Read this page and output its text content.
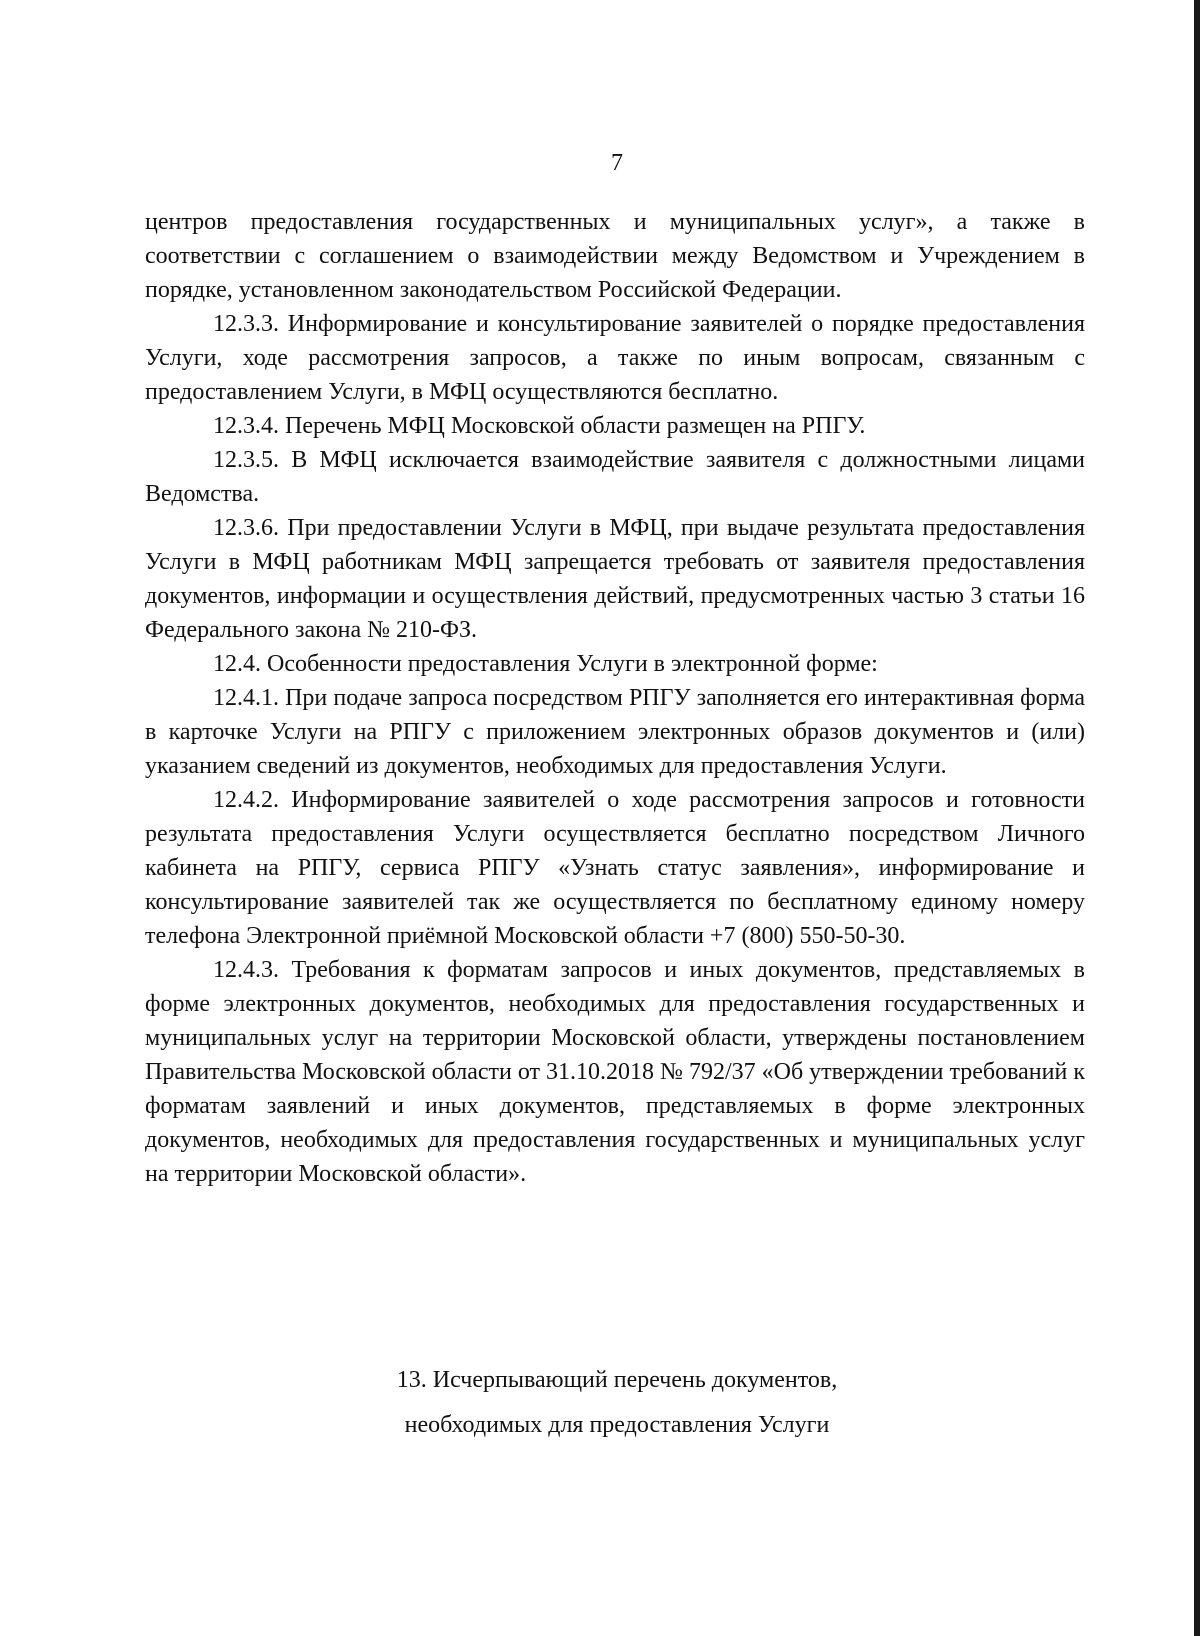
7

центров предоставления государственных и муниципальных услуг», а также в соответствии с соглашением о взаимодействии между Ведомством и Учреждением в порядке, установленном законодательством Российской Федерации.

12.3.3. Информирование и консультирование заявителей о порядке предоставления Услуги, ходе рассмотрения запросов, а также по иным вопросам, связанным с предоставлением Услуги, в МФЦ осуществляются бесплатно.

12.3.4. Перечень МФЦ Московской области размещен на РПГУ.

12.3.5. В МФЦ исключается взаимодействие заявителя с должностными лицами Ведомства.

12.3.6. При предоставлении Услуги в МФЦ, при выдаче результата предоставления Услуги в МФЦ работникам МФЦ запрещается требовать от заявителя предоставления документов, информации и осуществления действий, предусмотренных частью 3 статьи 16 Федерального закона № 210-ФЗ.

12.4. Особенности предоставления Услуги в электронной форме:

12.4.1. При подаче запроса посредством РПГУ заполняется его интерактивная форма в карточке Услуги на РПГУ с приложением электронных образов документов и (или) указанием сведений из документов, необходимых для предоставления Услуги.

12.4.2. Информирование заявителей о ходе рассмотрения запросов и готовности результата предоставления Услуги осуществляется бесплатно посредством Личного кабинета на РПГУ, сервиса РПГУ «Узнать статус заявления», информирование и консультирование заявителей так же осуществляется по бесплатному единому номеру телефона Электронной приёмной Московской области +7 (800) 550-50-30.

12.4.3. Требования к форматам запросов и иных документов, представляемых в форме электронных документов, необходимых для предоставления государственных и муниципальных услуг на территории Московской области, утверждены постановлением Правительства Московской области от 31.10.2018 № 792/37 «Об утверждении требований к форматам заявлений и иных документов, представляемых в форме электронных документов, необходимых для предоставления государственных и муниципальных услуг на территории Московской области».

13. Исчерпывающий перечень документов,
необходимых для предоставления Услуги
